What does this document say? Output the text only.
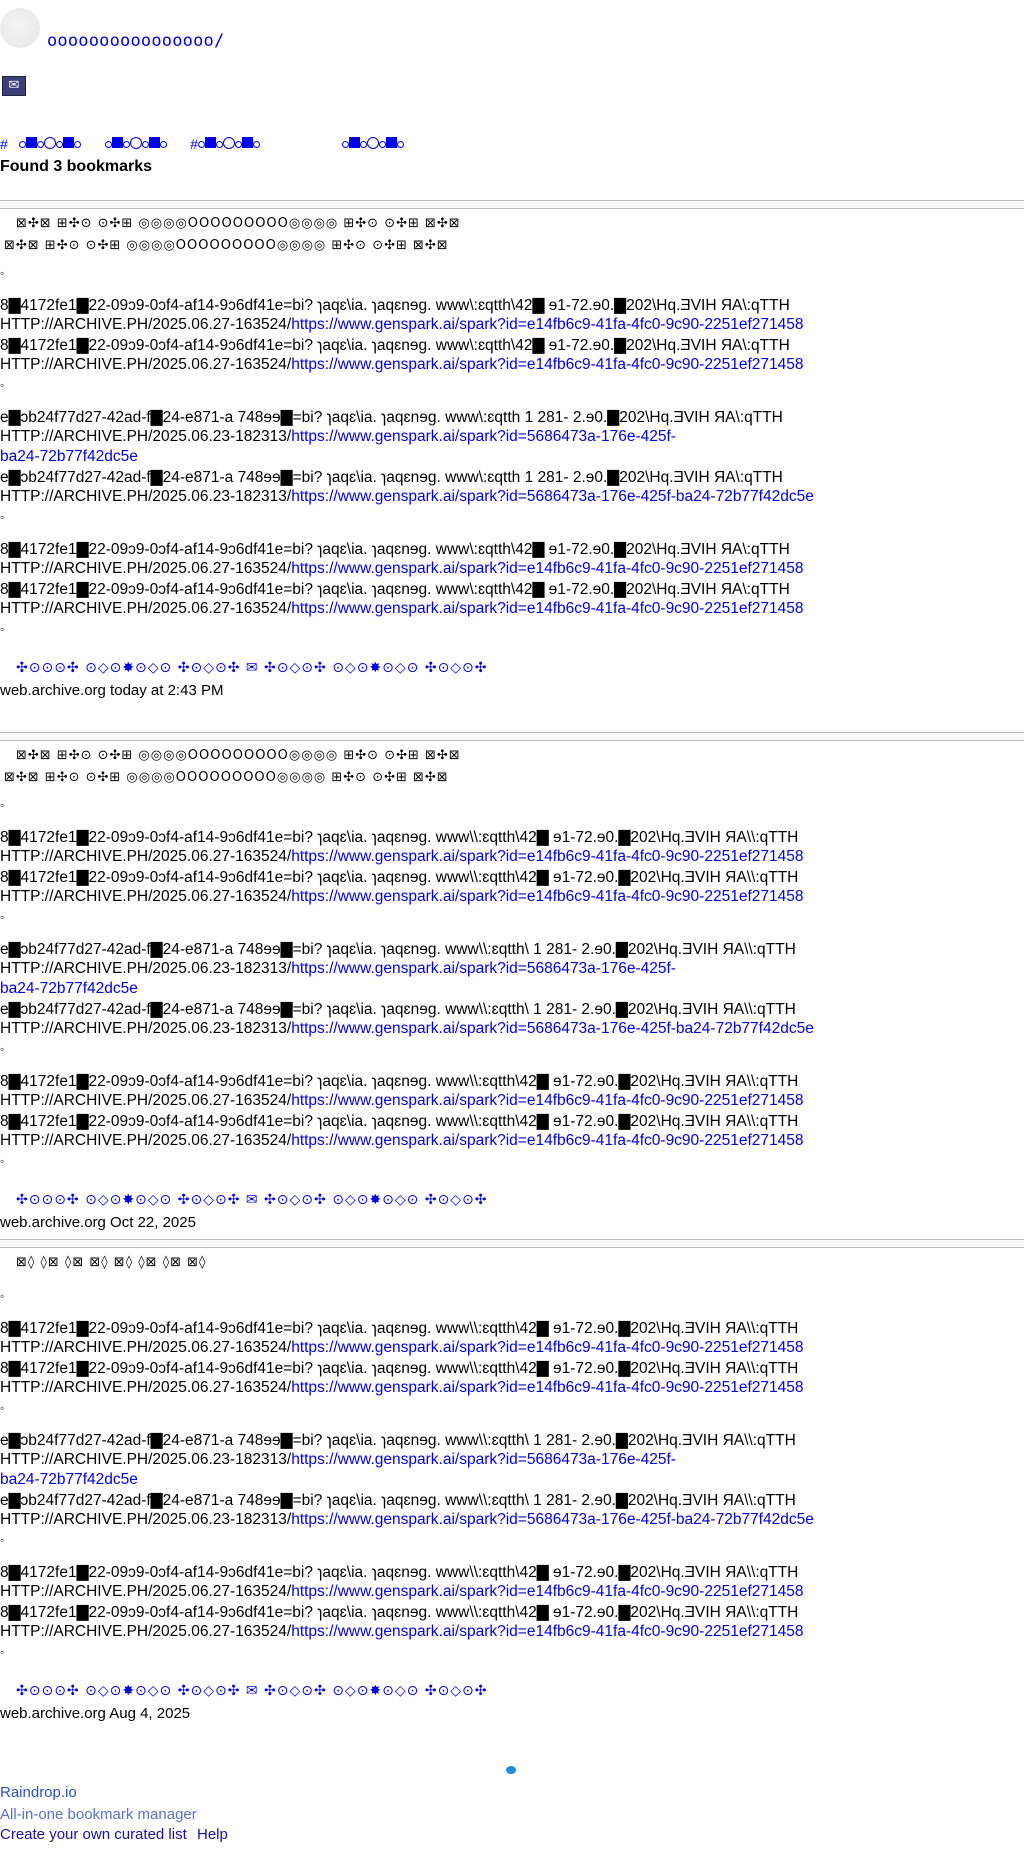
oooooooooooooooo/
✉
#	#
Found 3 bookmarks
⊠✣⊠ ⊞✣⊙ ⊙✣⊞ ◎◎◎◎OOOOOOOOO◎◎◎◎ ⊞✣⊙ ⊙✣⊞ ⊠✣⊠
⊠✣⊠ ⊞✣⊙ ⊙✣⊞ ◎◎◎◎OOOOOOOOO◎◎◎◎ ⊞✣⊙ ⊙✣⊞ ⊠✣⊠
◦
8▇4172fe1▇22-09ɔ9-0ɔf4-af14-9ɔ6df41e=bi? ɿaqɛ\ia. ɿaqɛnɘg. www\:ɛqtth\42▇ ɘ1-72.ɘ0.▇202\Hq.ƎVIH ЯA\:qTTH
HTTP://ARCHIVE.PH/2025.06.27-163524/https://www.genspark.ai/spark?id=e14fb6c9-41fa-4fc0-9c90-2251ef271458
8▇4172fe1▇22-09ɔ9-0ɔf4-af14-9ɔ6df41e=bi? ɿaqɛ\ia. ɿaqɛnɘg. www\:ɛqtth\42▇ ɘ1-72.ɘ0.▇202\Hq.ƎVIH ЯA\:qTTH
HTTP://ARCHIVE.PH/2025.06.27-163524/https://www.genspark.ai/spark?id=e14fb6c9-41fa-4fc0-9c90-2251ef271458
◦
e▇ɔb24f77d27-42ad-f▇24-e871-a 748ɘɘ▇=bi? ɿaqɛ\ia. ɿaqɛnɘg. www\:ɛqtth 1 281- 2.ɘ0.▇202\Hq.ƎVIH ЯA\:qTTH
HTTP://ARCHIVE.PH/2025.06.23-182313/https://www.genspark.ai/spark?id=5686473a-176e-425f-
ba24-72b77f42dc5e
e▇ɔb24f77d27-42ad-f▇24-e871-a 748ɘɘ▇=bi? ɿaqɛ\ia. ɿaqɛnɘg. www\:ɛqtth 1 281- 2.ɘ0.▇202\Hq.ƎVIH ЯA\:qTTH
HTTP://ARCHIVE.PH/2025.06.23-182313/https://www.genspark.ai/spark?id=5686473a-176e-425f-ba24-72b77f42dc5e
◦
8▇4172fe1▇22-09ɔ9-0ɔf4-af14-9ɔ6df41e=bi? ɿaqɛ\ia. ɿaqɛnɘg. www\:ɛqtth\42▇ ɘ1-72.ɘ0.▇202\Hq.ƎVIH ЯA\:qTTH
HTTP://ARCHIVE.PH/2025.06.27-163524/https://www.genspark.ai/spark?id=e14fb6c9-41fa-4fc0-9c90-2251ef271458
8▇4172fe1▇22-09ɔ9-0ɔf4-af14-9ɔ6df41e=bi? ɿaqɛ\ia. ɿaqɛnɘg. www\:ɛqtth\42▇ ɘ1-72.ɘ0.▇202\Hq.ƎVIH ЯA\:qTTH
HTTP://ARCHIVE.PH/2025.06.27-163524/https://www.genspark.ai/spark?id=e14fb6c9-41fa-4fc0-9c90-2251ef271458
◦
✣⊙⊙⊙✣ ⊙◇⊙✸⊙◇⊙ ✣⊙◇⊙✣ ✉ ✣⊙◇⊙✣ ⊙◇⊙✸⊙◇⊙ ✣⊙◇⊙✣
web.archive.org today at 2:43 PM
⊠✣⊠ ⊞✣⊙ ⊙✣⊞ ◎◎◎◎OOOOOOOOO◎◎◎◎ ⊞✣⊙ ⊙✣⊞ ⊠✣⊠
⊠✣⊠ ⊞✣⊙ ⊙✣⊞ ◎◎◎◎OOOOOOOOO◎◎◎◎ ⊞✣⊙ ⊙✣⊞ ⊠✣⊠
◦
8▇4172fe1▇22-09ɔ9-0ɔf4-af14-9ɔ6df41e=bi? ɿaqɛ\ia. ɿaqɛnɘg. www\\:ɛqtth\42▇ ɘ1-72.ɘ0.▇202\Hq.ƎVIH ЯA\\:qTTH
HTTP://ARCHIVE.PH/2025.06.27-163524/https://www.genspark.ai/spark?id=e14fb6c9-41fa-4fc0-9c90-2251ef271458
8▇4172fe1▇22-09ɔ9-0ɔf4-af14-9ɔ6df41e=bi? ɿaqɛ\ia. ɿaqɛnɘg. www\\:ɛqtth\42▇ ɘ1-72.ɘ0.▇202\Hq.ƎVIH ЯA\\:qTTH
HTTP://ARCHIVE.PH/2025.06.27-163524/https://www.genspark.ai/spark?id=e14fb6c9-41fa-4fc0-9c90-2251ef271458
◦
e▇ɔb24f77d27-42ad-f▇24-e871-a 748ɘɘ▇=bi? ɿaqɛ\ia. ɿaqɛnɘg. www\\:ɛqtth\ 1 281- 2.ɘ0.▇202\Hq.ƎVIH ЯA\\:qTTH
HTTP://ARCHIVE.PH/2025.06.23-182313/https://www.genspark.ai/spark?id=5686473a-176e-425f-
ba24-72b77f42dc5e
e▇ɔb24f77d27-42ad-f▇24-e871-a 748ɘɘ▇=bi? ɿaqɛ\ia. ɿaqɛnɘg. www\\:ɛqtth\ 1 281- 2.ɘ0.▇202\Hq.ƎVIH ЯA\\:qTTH
HTTP://ARCHIVE.PH/2025.06.23-182313/https://www.genspark.ai/spark?id=5686473a-176e-425f-ba24-72b77f42dc5e
◦
8▇4172fe1▇22-09ɔ9-0ɔf4-af14-9ɔ6df41e=bi? ɿaqɛ\ia. ɿaqɛnɘg. www\\:ɛqtth\42▇ ɘ1-72.ɘ0.▇202\Hq.ƎVIH ЯA\\:qTTH
HTTP://ARCHIVE.PH/2025.06.27-163524/https://www.genspark.ai/spark?id=e14fb6c9-41fa-4fc0-9c90-2251ef271458
8▇4172fe1▇22-09ɔ9-0ɔf4-af14-9ɔ6df41e=bi? ɿaqɛ\ia. ɿaqɛnɘg. www\\:ɛqtth\42▇ ɘ1-72.ɘ0.▇202\Hq.ƎVIH ЯA\\:qTTH
HTTP://ARCHIVE.PH/2025.06.27-163524/https://www.genspark.ai/spark?id=e14fb6c9-41fa-4fc0-9c90-2251ef271458
◦
✣⊙⊙⊙✣ ⊙◇⊙✸⊙◇⊙ ✣⊙◇⊙✣ ✉ ✣⊙◇⊙✣ ⊙◇⊙✸⊙◇⊙ ✣⊙◇⊙✣
web.archive.org Oct 22, 2025
⊠◊ ◊⊠ ◊⊠ ⊠◊ ⊠◊ ◊⊠ ◊⊠ ⊠◊
◦
8▇4172fe1▇22-09ɔ9-0ɔf4-af14-9ɔ6df41e=bi? ɿaqɛ\ia. ɿaqɛnɘg. www\\:ɛqtth\42▇ ɘ1-72.ɘ0.▇202\Hq.ƎVIH ЯA\\:qTTH
HTTP://ARCHIVE.PH/2025.06.27-163524/https://www.genspark.ai/spark?id=e14fb6c9-41fa-4fc0-9c90-2251ef271458
8▇4172fe1▇22-09ɔ9-0ɔf4-af14-9ɔ6df41e=bi? ɿaqɛ\ia. ɿaqɛnɘg. www\\:ɛqtth\42▇ ɘ1-72.ɘ0.▇202\Hq.ƎVIH ЯA\\:qTTH
HTTP://ARCHIVE.PH/2025.06.27-163524/https://www.genspark.ai/spark?id=e14fb6c9-41fa-4fc0-9c90-2251ef271458
◦
e▇ɔb24f77d27-42ad-f▇24-e871-a 748ɘɘ▇=bi? ɿaqɛ\ia. ɿaqɛnɘg. www\\:ɛqtth\ 1 281- 2.ɘ0.▇202\Hq.ƎVIH ЯA\\:qTTH
HTTP://ARCHIVE.PH/2025.06.23-182313/https://www.genspark.ai/spark?id=5686473a-176e-425f-
ba24-72b77f42dc5e
e▇ɔb24f77d27-42ad-f▇24-e871-a 748ɘɘ▇=bi? ɿaqɛ\ia. ɿaqɛnɘg. www\\:ɛqtth\ 1 281- 2.ɘ0.▇202\Hq.ƎVIH ЯA\\:qTTH
HTTP://ARCHIVE.PH/2025.06.23-182313/https://www.genspark.ai/spark?id=5686473a-176e-425f-ba24-72b77f42dc5e
◦
8▇4172fe1▇22-09ɔ9-0ɔf4-af14-9ɔ6df41e=bi? ɿaqɛ\ia. ɿaqɛnɘg. www\\:ɛqtth\42▇ ɘ1-72.ɘ0.▇202\Hq.ƎVIH ЯA\\:qTTH
HTTP://ARCHIVE.PH/2025.06.27-163524/https://www.genspark.ai/spark?id=e14fb6c9-41fa-4fc0-9c90-2251ef271458
8▇4172fe1▇22-09ɔ9-0ɔf4-af14-9ɔ6df41e=bi? ɿaqɛ\ia. ɿaqɛnɘg. www\\:ɛqtth\42▇ ɘ1-72.ɘ0.▇202\Hq.ƎVIH ЯA\\:qTTH
HTTP://ARCHIVE.PH/2025.06.27-163524/https://www.genspark.ai/spark?id=e14fb6c9-41fa-4fc0-9c90-2251ef271458
◦
✣⊙⊙⊙✣ ⊙◇⊙✸⊙◇⊙ ✣⊙◇⊙✣ ✉ ✣⊙◇⊙✣ ⊙◇⊙✸⊙◇⊙ ✣⊙◇⊙✣
web.archive.org Aug 4, 2025
Raindrop.io
All-in-one bookmark manager
Create your own curated list Help
